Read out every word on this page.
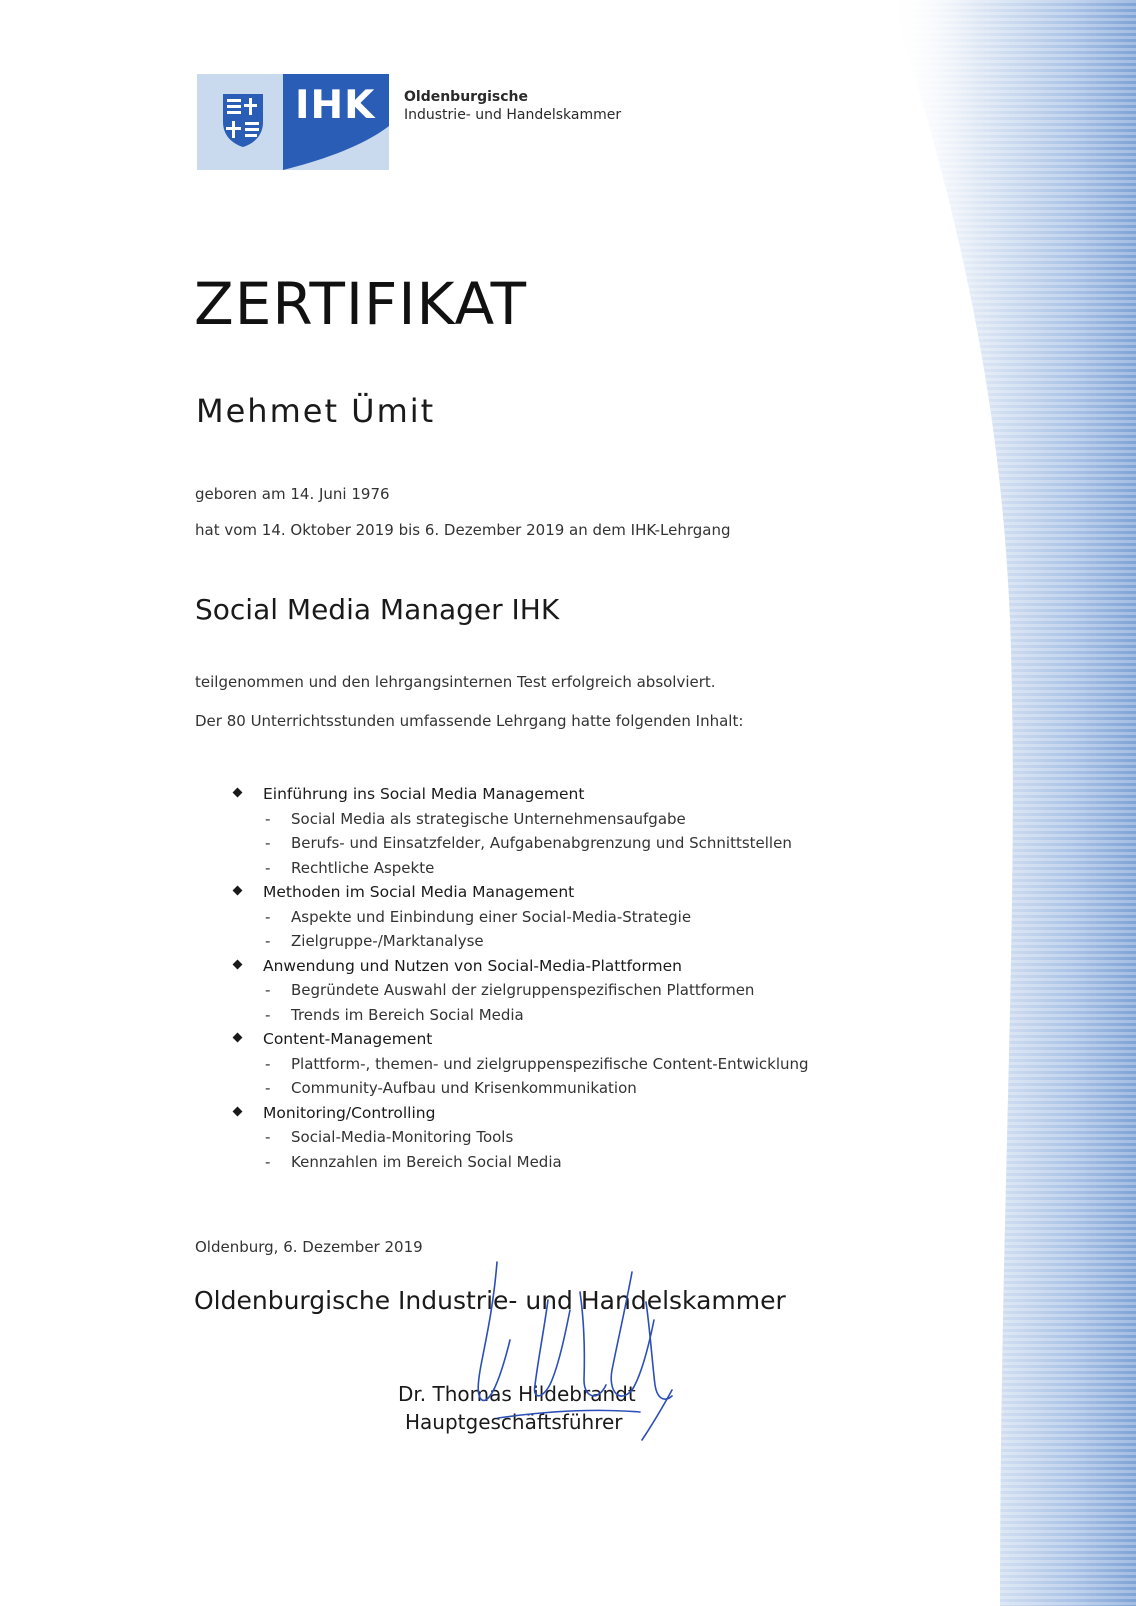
IHK Oldenburgische
Industrie- und Handelskammer
ZERTIFIKAT
Mehmet Ümit
geboren am 14. Juni 1976
hat vom 14. Oktober 2019 bis 6. Dezember 2019 an dem IHK-Lehrgang
Social Media Manager IHK
teilgenommen und den lehrgangsinternen Test erfolgreich absolviert.
Der 80 Unterrichtsstunden umfassende Lehrgang hatte folgenden Inhalt:
Einführung ins Social Media Management
- Social Media als strategische Unternehmensaufgabe
- Berufs- und Einsatzfelder, Aufgabenabgrenzung und Schnittstellen
- Rechtliche Aspekte
Methoden im Social Media Management
- Aspekte und Einbindung einer Social-Media-Strategie
- Zielgruppe-/Marktanalyse
Anwendung und Nutzen von Social-Media-Plattformen
- Begründete Auswahl der zielgruppenspezifischen Plattformen
- Trends im Bereich Social Media
Content-Management
- Plattform-, themen- und zielgruppenspezifische Content-Entwicklung
- Community-Aufbau und Krisenkommunikation
Monitoring/Controlling
- Social-Media-Monitoring Tools
- Kennzahlen im Bereich Social Media
Oldenburg, 6. Dezember 2019
Oldenburgische Industrie- und Handelskammer
Dr. Thomas Hildebrandt
Hauptgeschäftsführer
